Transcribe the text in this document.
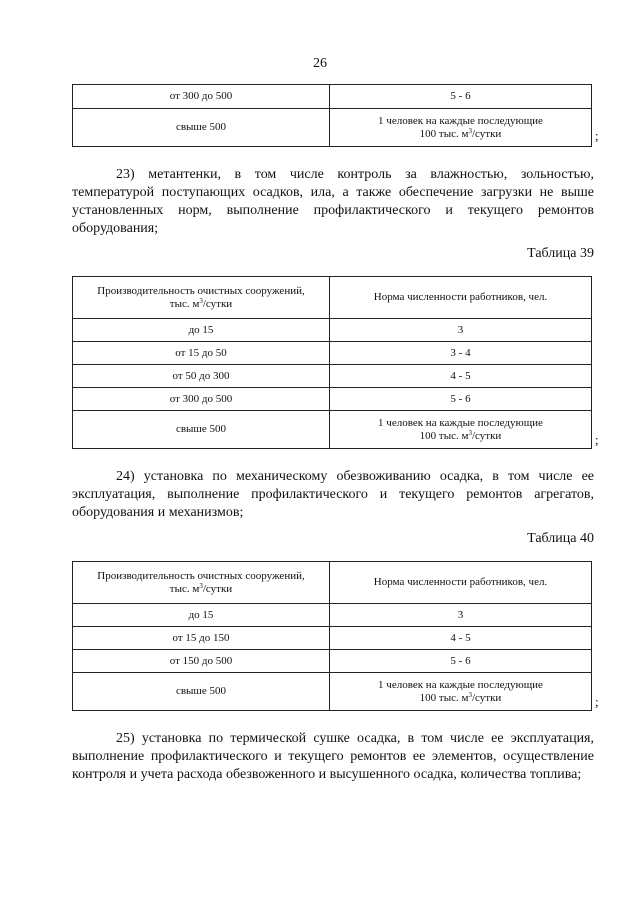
26
от 300 до 500	5 - 6
свыше 500	1 человек на каждые последующие
100 тыс. $м^3$/сутки	;
23) метантенки, в том числе контроль за влажностью, зольностью, температурой поступающих осадков, ила, а также обеспечение загрузки не выше установленных норм, выполнение профилактического и текущего ремонтов оборудования;
Таблица 39
Производительность очистных сооружений,
тыс. $м^3$/сутки	Норма численности работников, чел.
до 15	3
от 15 до 50	3 - 4
от 50 до 300	4 - 5
от 300 до 500	5 - 6
свыше 500	1 человек на каждые последующие
100 тыс. $м^3$/сутки	;
24) установка по механическому обезвоживанию осадка, в том числе ее эксплуатация, выполнение профилактического и текущего ремонтов агрегатов, оборудования и механизмов;
Таблица 40
Производительность очистных сооружений,
тыс. $м^3$/сутки	Норма численности работников, чел.
до 15	3
от 15 до 150	4 - 5
от 150 до 500	5 - 6
свыше 500	1 человек на каждые последующие
100 тыс. $м^3$/сутки	;
25) установка по термической сушке осадка, в том числе ее эксплуатация, выполнение профилактического и текущего ремонтов ее элементов, осуществление контроля и учета расхода обезвоженного и высушенного осадка, количества топлива;
